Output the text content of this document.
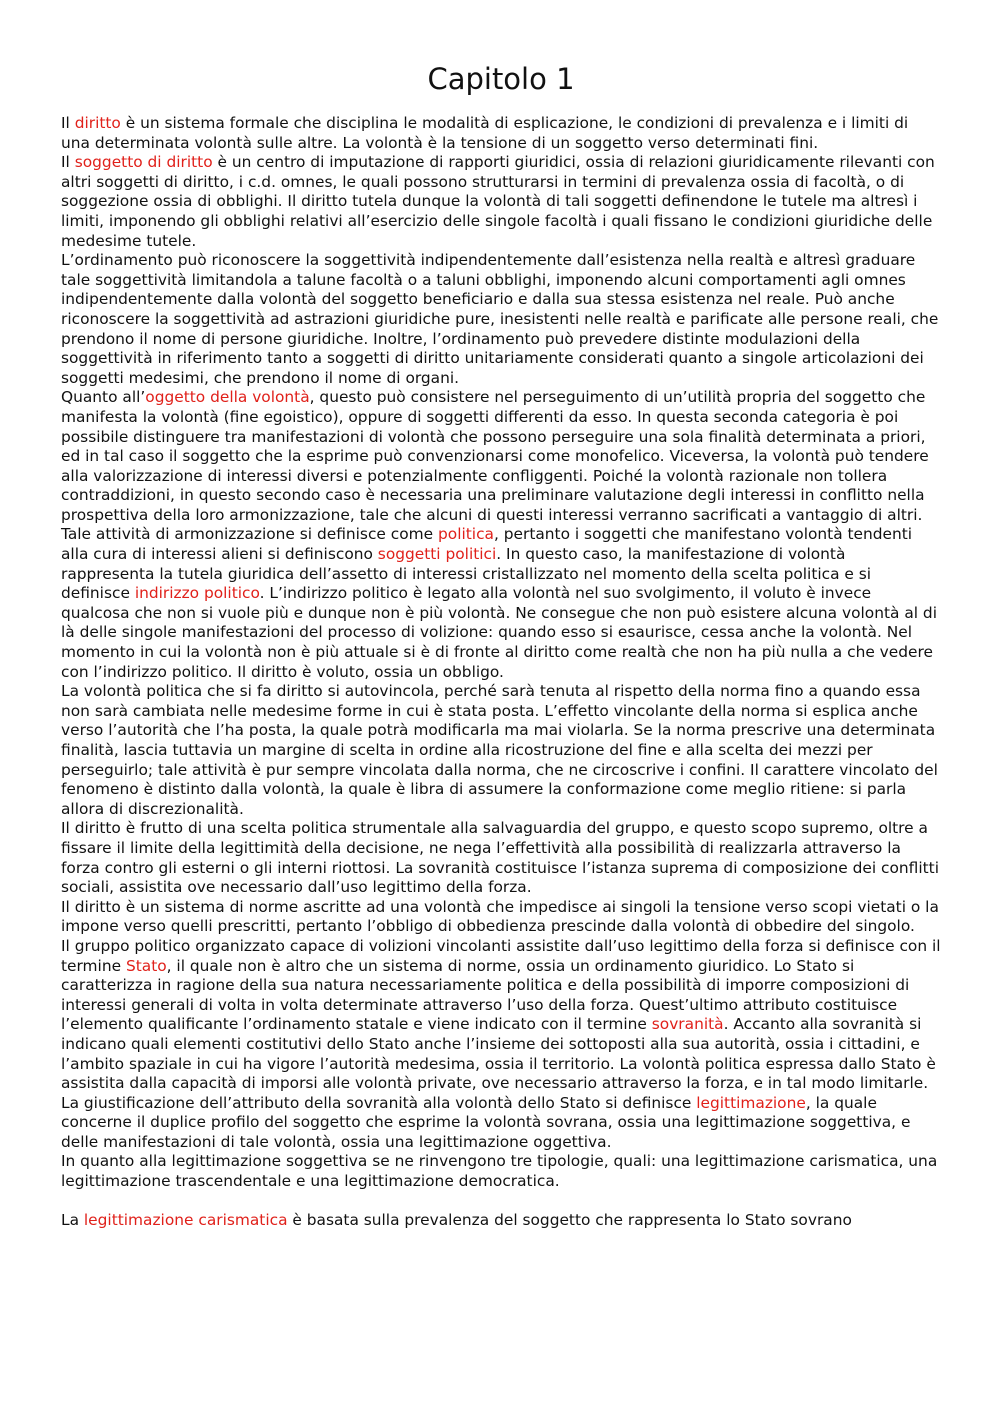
Capitolo 1

Il diritto è un sistema formale che disciplina le modalità di esplicazione, le condizioni di prevalenza e i limiti di una determinata volontà sulle altre. La volontà è la tensione di un soggetto verso determinati fini.

Il soggetto di diritto è un centro di imputazione di rapporti giuridici, ossia di relazioni giuridicamente rilevanti con altri soggetti di diritto, i c.d. omnes, le quali possono strutturarsi in termini di prevalenza ossia di facoltà, o di soggezione ossia di obblighi. Il diritto tutela dunque la volontà di tali soggetti definendone le tutele ma altresì i limiti, imponendo gli obblighi relativi all’esercizio delle singole facoltà i quali fissano le condizioni giuridiche delle medesime tutele.

L’ordinamento può riconoscere la soggettività indipendentemente dall’esistenza nella realtà e altresì graduare tale soggettività limitandola a talune facoltà o a taluni obblighi, imponendo alcuni comportamenti agli omnes indipendentemente dalla volontà del soggetto beneficiario e dalla sua stessa esistenza nel reale. Può anche riconoscere la soggettività ad astrazioni giuridiche pure, inesistenti nelle realtà e parificate alle persone reali, che prendono il nome di persone giuridiche. Inoltre, l’ordinamento può prevedere distinte modulazioni della soggettività in riferimento tanto a soggetti di diritto unitariamente considerati quanto a singole articolazioni dei soggetti medesimi, che prendono il nome di organi.

Quanto all’oggetto della volontà, questo può consistere nel perseguimento di un’utilità propria del soggetto che manifesta la volontà (fine egoistico), oppure di soggetti differenti da esso. In questa seconda categoria è poi possibile distinguere tra manifestazioni di volontà che possono perseguire una sola finalità determinata a priori, ed in tal caso il soggetto che la esprime può convenzionarsi come monofelico. Viceversa, la volontà può tendere alla valorizzazione di interessi diversi e potenzialmente confliggenti. Poiché la volontà razionale non tollera contraddizioni, in questo secondo caso è necessaria una preliminare valutazione degli interessi in conflitto nella prospettiva della loro armonizzazione, tale che alcuni di questi interessi verranno sacrificati a vantaggio di altri.

Tale attività di armonizzazione si definisce come politica, pertanto i soggetti che manifestano volontà tendenti alla cura di interessi alieni si definiscono soggetti politici. In questo caso, la manifestazione di volontà rappresenta la tutela giuridica dell’assetto di interessi cristallizzato nel momento della scelta politica e si definisce indirizzo politico. L’indirizzo politico è legato alla volontà nel suo svolgimento, il voluto è invece qualcosa che non si vuole più e dunque non è più volontà. Ne consegue che non può esistere alcuna volontà al di là delle singole manifestazioni del processo di volizione: quando esso si esaurisce, cessa anche la volontà. Nel momento in cui la volontà non è più attuale si è di fronte al diritto come realtà che non ha più nulla a che vedere con l’indirizzo politico. Il diritto è voluto, ossia un obbligo.

La volontà politica che si fa diritto si autovincola, perché sarà tenuta al rispetto della norma fino a quando essa non sarà cambiata nelle medesime forme in cui è stata posta. L’effetto vincolante della norma si esplica anche verso l’autorità che l’ha posta, la quale potrà modificarla ma mai violarla. Se la norma prescrive una determinata finalità, lascia tuttavia un margine di scelta in ordine alla ricostruzione del fine e alla scelta dei mezzi per perseguirlo; tale attività è pur sempre vincolata dalla norma, che ne circoscrive i confini. Il carattere vincolato del fenomeno è distinto dalla volontà, la quale è libra di assumere la conformazione come meglio ritiene: si parla allora di discrezionalità.

Il diritto è frutto di una scelta politica strumentale alla salvaguardia del gruppo, e questo scopo supremo, oltre a fissare il limite della legittimità della decisione, ne nega l’effettività alla possibilità di realizzarla attraverso la forza contro gli esterni o gli interni riottosi. La sovranità costituisce l’istanza suprema di composizione dei conflitti sociali, assistita ove necessario dall’uso legittimo della forza.

Il diritto è un sistema di norme ascritte ad una volontà che impedisce ai singoli la tensione verso scopi vietati o la impone verso quelli prescritti, pertanto l’obbligo di obbedienza prescinde dalla volontà di obbedire del singolo.

Il gruppo politico organizzato capace di volizioni vincolanti assistite dall’uso legittimo della forza si definisce con il termine Stato, il quale non è altro che un sistema di norme, ossia un ordinamento giuridico. Lo Stato si caratterizza in ragione della sua natura necessariamente politica e della possibilità di imporre composizioni di interessi generali di volta in volta determinate attraverso l’uso della forza. Quest’ultimo attributo costituisce l’elemento qualificante l’ordinamento statale e viene indicato con il termine sovranità. Accanto alla sovranità si indicano quali elementi costitutivi dello Stato anche l’insieme dei sottoposti alla sua autorità, ossia i cittadini, e l’ambito spaziale in cui ha vigore l’autorità medesima, ossia il territorio. La volontà politica espressa dallo Stato è assistita dalla capacità di imporsi alle volontà private, ove necessario attraverso la forza, e in tal modo limitarle.

La giustificazione dell’attributo della sovranità alla volontà dello Stato si definisce legittimazione, la quale concerne il duplice profilo del soggetto che esprime la volontà sovrana, ossia una legittimazione soggettiva, e delle manifestazioni di tale volontà, ossia una legittimazione oggettiva.

In quanto alla legittimazione soggettiva se ne rinvengono tre tipologie, quali: una legittimazione carismatica, una legittimazione trascendentale e una legittimazione democratica.

La legittimazione carismatica è basata sulla prevalenza del soggetto che rappresenta lo Stato sovrano
